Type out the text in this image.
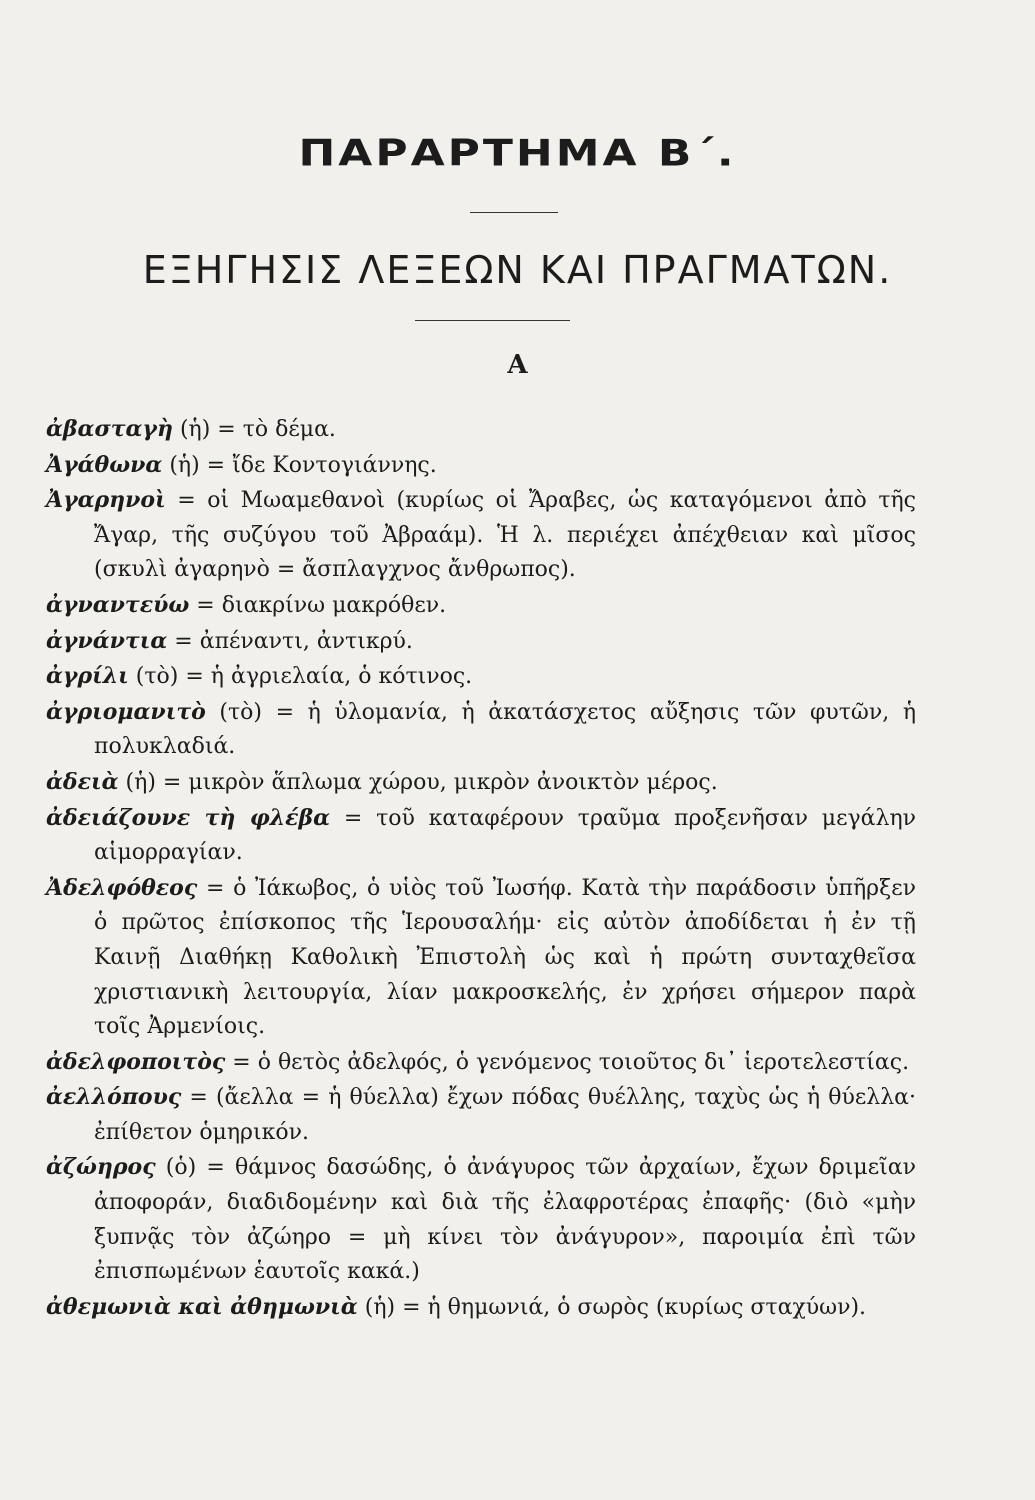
ΠΑΡΑΡΤΗΜΑ Β΄.
ΕΞΗΓΗΣΙΣ ΛΕΞΕΩΝ ΚΑΙ ΠΡΑΓΜΑΤΩΝ.
Α

ἀβασταγὴ (ἡ) = τὸ δέμα.

Ἀγάθωνα (ἡ) = ἴδε Κοντογιάννης.

Ἀγαρηνοὶ = οἱ Μωαμεθανοὶ (κυρίως οἱ Ἄραβες, ὡς καταγόμενοι ἀπὸ τῆς Ἄγαρ, τῆς συζύγου τοῦ Ἀβραάμ). Ἡ λ. περιέχει ἀπέχθειαν καὶ μῖσος (σκυλὶ ἀγαρηνὸ = ἄσπλαγχνος ἄνθρωπος).

ἀγναντεύω = διακρίνω μακρόθεν.

ἀγνάντια = ἀπέναντι, ἀντικρύ.

ἀγρίλι (τὸ) = ἡ ἀγριελαία, ὁ κότινος.

ἀγριομανιτὸ (τὸ) = ἡ ὑλομανία, ἡ ἀκατάσχετος αὔξησις τῶν φυτῶν, ἡ πολυκλαδιά.

ἀδειὰ (ἡ) = μικρὸν ἅπλωμα χώρου, μικρὸν ἀνοικτὸν μέρος.

ἀδειάζουνε τὴ φλέβα = τοῦ καταφέρουν τραῦμα προξενῆσαν μεγάλην αἱμορραγίαν.

Ἀδελφόθεος = ὁ Ἰάκωβος, ὁ υἱὸς τοῦ Ἰωσήφ. Κατὰ τὴν παράδοσιν ὑπῆρξεν ὁ πρῶτος ἐπίσκοπος τῆς Ἱερουσαλήμ· εἰς αὐτὸν ἀποδίδεται ἡ ἐν τῇ Καινῇ Διαθήκῃ Καθολικὴ Ἐπιστολὴ ὡς καὶ ἡ πρώτη συνταχθεῖσα χριστιανικὴ λειτουργία, λίαν μακροσκελής, ἐν χρήσει σήμερον παρὰ τοῖς Ἀρμενίοις.

ἀδελφοποιτὸς = ὁ θετὸς ἀδελφός, ὁ γενόμενος τοιοῦτος δι᾽ ἱεροτελεστίας.

ἀελλόπους = (ἄελλα = ἡ θύελλα) ἔχων πόδας θυέλλης, ταχὺς ὡς ἡ θύελλα· ἐπίθετον ὁμηρικόν.

ἀζώηρος (ὁ) = θάμνος δασώδης, ὁ ἀνάγυρος τῶν ἀρχαίων, ἔχων δριμεῖαν ἀποφοράν, διαδιδομένην καὶ διὰ τῆς ἐλαφροτέρας ἐπαφῆς· (διὸ «μὴν ξυπνᾷς τὸν ἀζώηρο = μὴ κίνει τὸν ἀνάγυρον», παροιμία ἐπὶ τῶν ἐπισπωμένων ἑαυτοῖς κακά.)

ἀθεμωνιὰ καὶ ἀθημωνιὰ (ἡ) = ἡ θημωνιά, ὁ σωρὸς (κυρίως σταχύων).
